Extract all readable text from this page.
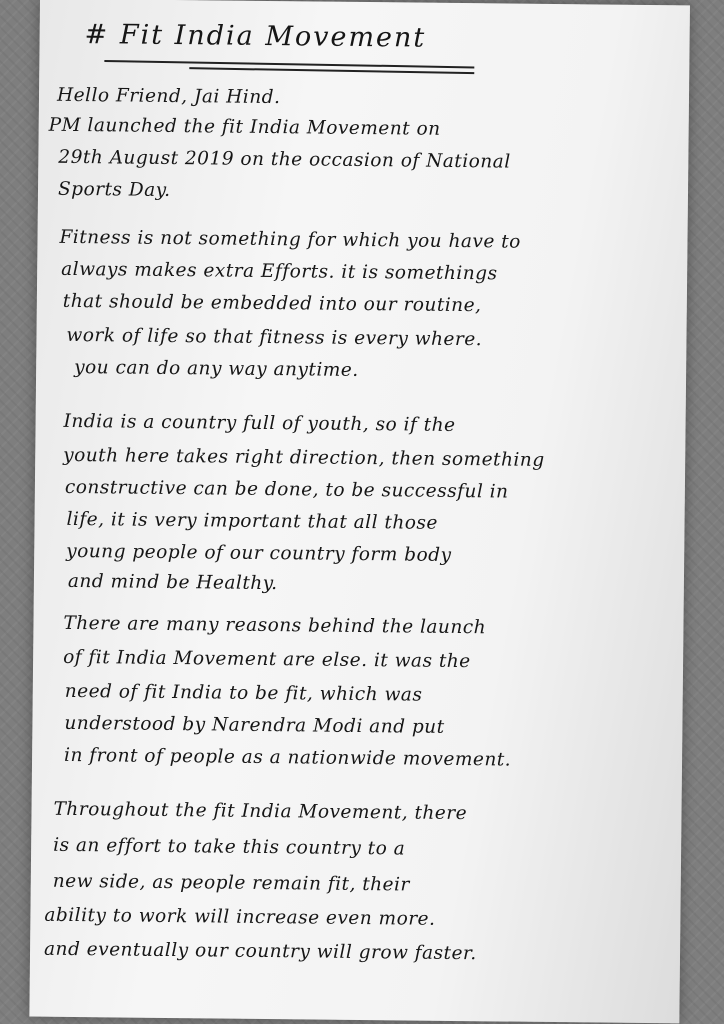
# Fit India Movement
Hello Friend, Jai Hind.
PM launched the fit India Movement on
29th August 2019 on the occasion of National
Sports Day.
Fitness is not something for which you have to
always makes extra Efforts. it is somethings
that should be embedded into our routine,
work of life so that fitness is every where.
you can do any way anytime.
India is a country full of youth, so if the
youth here takes right direction, then something
constructive can be done, to be successful in
life, it is very important that all those
young people of our country form body
and mind be Healthy.
There are many reasons behind the launch
of fit India Movement are else. it was the
need of fit India to be fit, which was
understood by Narendra Modi and put
in front of people as a nationwide movement.
Throughout the fit India Movement, there
is an effort to take this country to a
new side, as people remain fit, their
ability to work will increase even more.
and eventually our country will grow faster.
